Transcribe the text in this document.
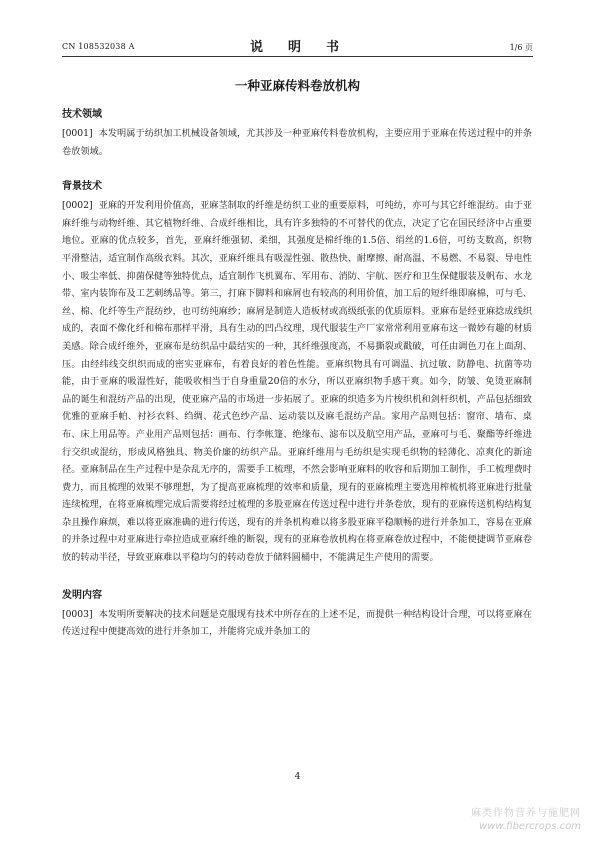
CN 108532038 A	说　明　书	1/6 页
一种亚麻传料卷放机构
技术领域

[0001] 本发明属于纺织加工机械设备领域，尤其涉及一种亚麻传料卷放机构，主要应用于亚麻在传送过程中的并条卷放领域。

背景技术

[0002] 亚麻的开发利用价值高，亚麻茎制取的纤维是纺织工业的重要原料，可纯纺，亦可与其它纤维混纺。由于亚麻纤维与动物纤维、其它植物纤维、合成纤维相比，具有许多独特的不可替代的优点，决定了它在国民经济中占重要地位。亚麻的优点较多，首先，亚麻纤维强韧、柔细，其强度是棉纤维的1.5倍、绢丝的1.6倍，可纺支数高，织物平滑整洁，适宜制作高级衣料。其次，亚麻纤维具有吸湿性强、散热快、耐摩擦、耐高温、不易燃、不易裂、导电性小、吸尘率低、抑菌保健等独特优点，适宜制作飞机翼布、军用布、消防、宇航、医疗和卫生保健服装及帆布、水龙带、室内装饰布及工艺刺绣品等。第三，打麻下脚料和麻屑也有较高的利用价值，加工后的短纤维即麻棉，可与毛、丝、棉、化纤等生产混纺纱，也可纺纯麻纱；麻屑是制造人造板材或高级纸张的优质原料。亚麻布是经亚麻捻成线织成的，表面不像化纤和棉布那样平滑，具有生动的凹凸纹理，现代服装生产厂家常常利用亚麻布这一微妙有趣的材质美感。除合成纤维外，亚麻布是纺织品中最结实的一种，其纤维强度高，不易撕裂或戳破，可任由调色刀在上面刮、压。由经纬线交织织而成的密实亚麻布，有着良好的着色性能。亚麻织物具有可调温、抗过敏、防静电、抗菌等功能，由于亚麻的吸湿性好，能吸收相当于自身重量20倍的水分，所以亚麻织物手感干爽。如今，防皱、免烫亚麻制品的诞生和混纺产品的出现，使亚麻产品的市场进一步拓展了。亚麻的织造多为片梭织机和剑杆织机，产品包括细致优雅的亚麻手帕、衬衫衣料、绉绸、花式色纱产品、运动装以及麻毛混纺产品。家用产品则包括：窗帘、墙布、桌布、床上用品等。产业用产品则包括：画布、行李帐篷、绝缘布、滤布以及航空用产品，亚麻可与毛、聚酯等纤维进行交织或混纺，形成风格独具、物美价廉的纺织产品。亚麻纤维用与毛纺织是实现毛织物的轻薄化、凉爽化的新途径。亚麻制品在生产过程中是杂乱无序的，需要手工梳理，不然会影响亚麻料的收容和后期加工制作，手工梳理费时费力，而且梳理的效果不够理想，为了提高亚麻梳理的效率和质量，现有的亚麻梳理主要选用榨梳机将亚麻进行批量连续梳理，在将亚麻梳理完成后需要将经过梳理的多股亚麻在传送过程中进行并条卷放，现有的亚麻传送机构结构复杂且操作麻烦，难以将亚麻准确的进行传送，现有的并条机构难以将多股亚麻平稳顺畅的进行并条加工，容易在亚麻的并条过程中对亚麻进行牵拉造成亚麻纤维的断裂，现有的亚麻卷放机构在将亚麻卷放过程中，不能便捷调节亚麻卷放的转动半径，导致亚麻难以平稳均匀的转动卷放于储料圆桶中，不能满足生产使用的需要。

发明内容

[0003] 本发明所要解决的技术问题是克服现有技术中所存在的上述不足，而提供一种结构设计合理，可以将亚麻在传送过程中便捷高效的进行并条加工，并能将完成并条加工的

4
麻类作物营养与施肥网
www.fibercrops.com
